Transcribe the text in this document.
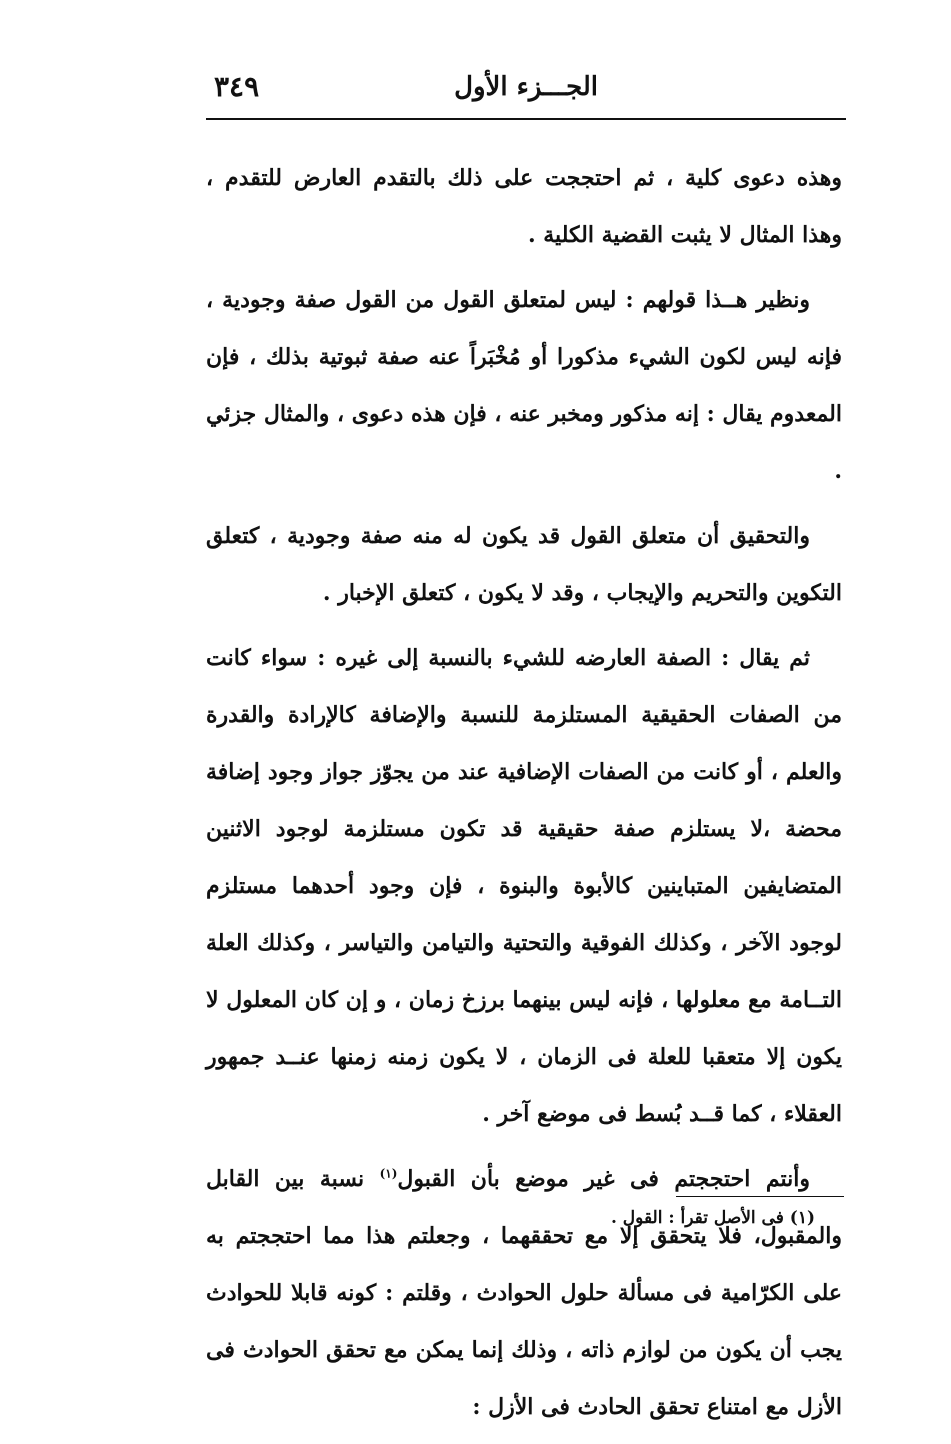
الجـــزء الأول
٣٤٩

وهذه دعوى كلية ، ثم احتججت على ذلك بالتقدم العارض للتقدم ، وهذا المثال لا يثبت القضية الكلية .

ونظير هــذا قولهم : ليس لمتعلق القول من القول صفة وجودية ، فإنه ليس لكون الشيء مذكورا أو مُخْبَراً عنه صفة ثبوتية بذلك ، فإن المعدوم يقال : إنه مذكور ومخبر عنه ، فإن هذه دعوى ، والمثال جزئي .

والتحقيق أن متعلق القول قد يكون له منه صفة وجودية ، كتعلق التكوين والتحريم والإيجاب ، وقد لا يكون ، كتعلق الإخبار .

ثم يقال : الصفة العارضه للشيء بالنسبة إلى غيره : سواء كانت من الصفات الحقيقية المستلزمة للنسبة والإضافة كالإرادة والقدرة والعلم ، أو كانت من الصفات الإضافية عند من يجوّز جواز وجود إضافة محضة ،لا يستلزم صفة حقيقية قد تكون مستلزمة لوجود الاثنين المتضايفين المتباينين كالأبوة والبنوة ، فإن وجود أحدهما مستلزم لوجود الآخر ، وكذلك الفوقية والتحتية والتيامن والتياسر ، وكذلك العلة التــامة مع معلولها ، فإنه ليس بينهما برزخ زمان ، و إن كان المعلول لا يكون إلا متعقبا للعلة فى الزمان ، لا يكون زمنه زمنها عنــد جمهور العقلاء ، كما قــد بُسط فى موضع آخر .

وأنتم احتججتم فى غير موضع بأن القبول$^{(١)}$ نسبة بين القابل والمقبول، فلا يتحقق إلا مع تحققهما ، وجعلتم هذا مما احتججتم به على الكرّامية فى مسألة حلول الحوادث ، وقلتم : كونه قابلا للحوادث يجب أن يكون من لوازم ذاته ، وذلك إنما يمكن مع تحقق الحوادث فى الأزل مع امتناع تحقق الحادث فى الأزل :

(١) فى الأصل تقرأ : القول .
